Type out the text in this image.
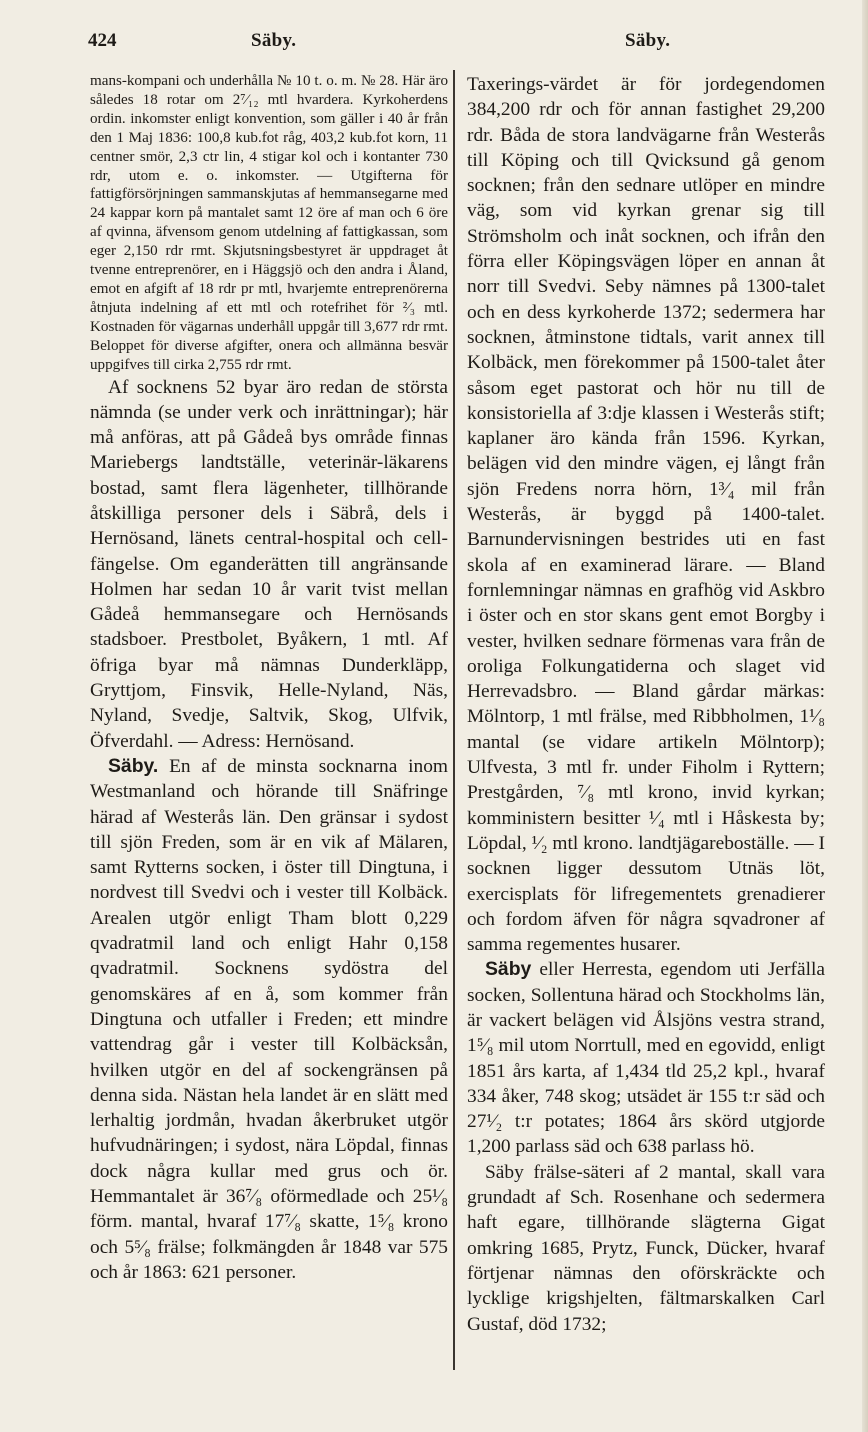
424	Säby.	Säby.

mans-kompani och underhålla № 10 t. o. m. № 28. Här äro således 18 rotar om 2⁷⁄₁₂ mtl hvardera. Kyrkoherdens ordin. inkomster enligt konvention, som gäller i 40 år från den 1 Maj 1836: 100,8 kub.fot råg, 403,2 kub.fot korn, 11 centner smör, 2,3 ctr lin, 4 stigar kol och i kontanter 730 rdr, utom e. o. inkomster. — Utgifterna för fattigförsörjningen sammanskjutas af hemmansegarne med 24 kappar korn på mantalet samt 12 öre af man och 6 öre af qvinna, äfvensom genom utdelning af fattigkassan, som eger 2,150 rdr rmt. Skjutsningsbestyret är uppdraget åt tvenne entreprenörer, en i Häggsjö och den andra i Åland, emot en afgift af 18 rdr pr mtl, hvarjemte entreprenörerna åtnjuta indelning af ett mtl och rotefrihet för ²⁄₃ mtl. Kostnaden för vägarnas underhåll uppgår till 3,677 rdr rmt. Beloppet för diverse afgifter, onera och allmänna besvär uppgifves till cirka 2,755 rdr rmt.

Af socknens 52 byar äro redan de största nämnda (se under verk och inrättningar); här må anföras, att på Gådeå bys område finnas Mariebergs landtställe, veterinär-läkarens bostad, samt flera lägenheter, tillhörande åtskilliga personer dels i Säbrå, dels i Hernösand, länets central-hospital och cell-fängelse. Om eganderätten till angränsande Holmen har sedan 10 år varit tvist mellan Gådeå hemmansegare och Hernösands stadsboer. Prestbolet, Byåkern, 1 mtl. Af öfriga byar må nämnas Dunderkläpp, Gryttjom, Finsvik, Helle-Nyland, Näs, Nyland, Svedje, Saltvik, Skog, Ulfvik, Öfverdahl. — Adress: Hernösand.

Säby. En af de minsta socknarna inom Westmanland och hörande till Snäfringe härad af Westerås län. Den gränsar i sydost till sjön Freden, som är en vik af Mälaren, samt Rytterns socken, i öster till Dingtuna, i nordvest till Svedvi och i vester till Kolbäck. Arealen utgör enligt Tham blott 0,229 qvadratmil land och enligt Hahr 0,158 qvadratmil. Socknens sydöstra del genomskäres af en å, som kommer från Dingtuna och utfaller i Freden; ett mindre vattendrag går i vester till Kolbäcksån, hvilken utgör en del af sockengränsen på denna sida. Nästan hela landet är en slätt med lerhaltig jordmån, hvadan åkerbruket utgör hufvudnäringen; i sydost, nära Löpdal, finnas dock några kullar med grus och ör. Hemmantalet är 36⁷⁄₈ oförmedlade och 25¹⁄₈ förm. mantal, hvaraf 17⁷⁄₈ skatte, 1⁵⁄₈ krono och 5⁵⁄₈ frälse; folkmängden år 1848 var 575 och år 1863: 621 personer.

Taxerings-värdet är för jordegendomen 384,200 rdr och för annan fastighet 29,200 rdr. Båda de stora landvägarne från Westerås till Köping och till Qvicksund gå genom socknen; från den sednare utlöper en mindre väg, som vid kyrkan grenar sig till Strömsholm och inåt socknen, och ifrån den förra eller Köpingsvägen löper en annan åt norr till Svedvi. Seby nämnes på 1300-talet och en dess kyrkoherde 1372; sedermera har socknen, åtminstone tidtals, varit annex till Kolbäck, men förekommer på 1500-talet åter såsom eget pastorat och hör nu till de konsistoriella af 3:dje klassen i Westerås stift; kaplaner äro kända från 1596. Kyrkan, belägen vid den mindre vägen, ej långt från sjön Fredens norra hörn, 1³⁄₄ mil från Westerås, är byggd på 1400-talet. Barnundervisningen bestrides uti en fast skola af en examinerad lärare. — Bland fornlemningar nämnas en grafhög vid Askbro i öster och en stor skans gent emot Borgby i vester, hvilken sednare förmenas vara från de oroliga Folkungatiderna och slaget vid Herrevadsbro. — Bland gårdar märkas: Mölntorp, 1 mtl frälse, med Ribbholmen, 1¹⁄₈ mantal (se vidare artikeln Mölntorp); Ulfvesta, 3 mtl fr. under Fiholm i Ryttern; Prestgården, ⁷⁄₈ mtl krono, invid kyrkan; komministern besitter ¹⁄₄ mtl i Håskesta by; Löpdal, ¹⁄₂ mtl krono. landtjägareboställe. — I socknen ligger dessutom Utnäs löt, exercisplats för lifregementets grenadierer och fordom äfven för några sqvadroner af samma regementes husarer.

Säby eller Herresta, egendom uti Jerfälla socken, Sollentuna härad och Stockholms län, är vackert belägen vid Ålsjöns vestra strand, 1⁵⁄₈ mil utom Norrtull, med en egovidd, enligt 1851 års karta, af 1,434 tld 25,2 kpl., hvaraf 334 åker, 748 skog; utsädet är 155 t:r säd och 27¹⁄₂ t:r potates; 1864 års skörd utgjorde 1,200 parlass säd och 638 parlass hö.

Säby frälse-säteri af 2 mantal, skall vara grundadt af Sch. Rosenhane och sedermera haft egare, tillhörande slägterna Gigat omkring 1685, Prytz, Funck, Dücker, hvaraf förtjenar nämnas den oförskräckte och lycklige krigshjelten, fältmarskalken Carl Gustaf, död 1732;
